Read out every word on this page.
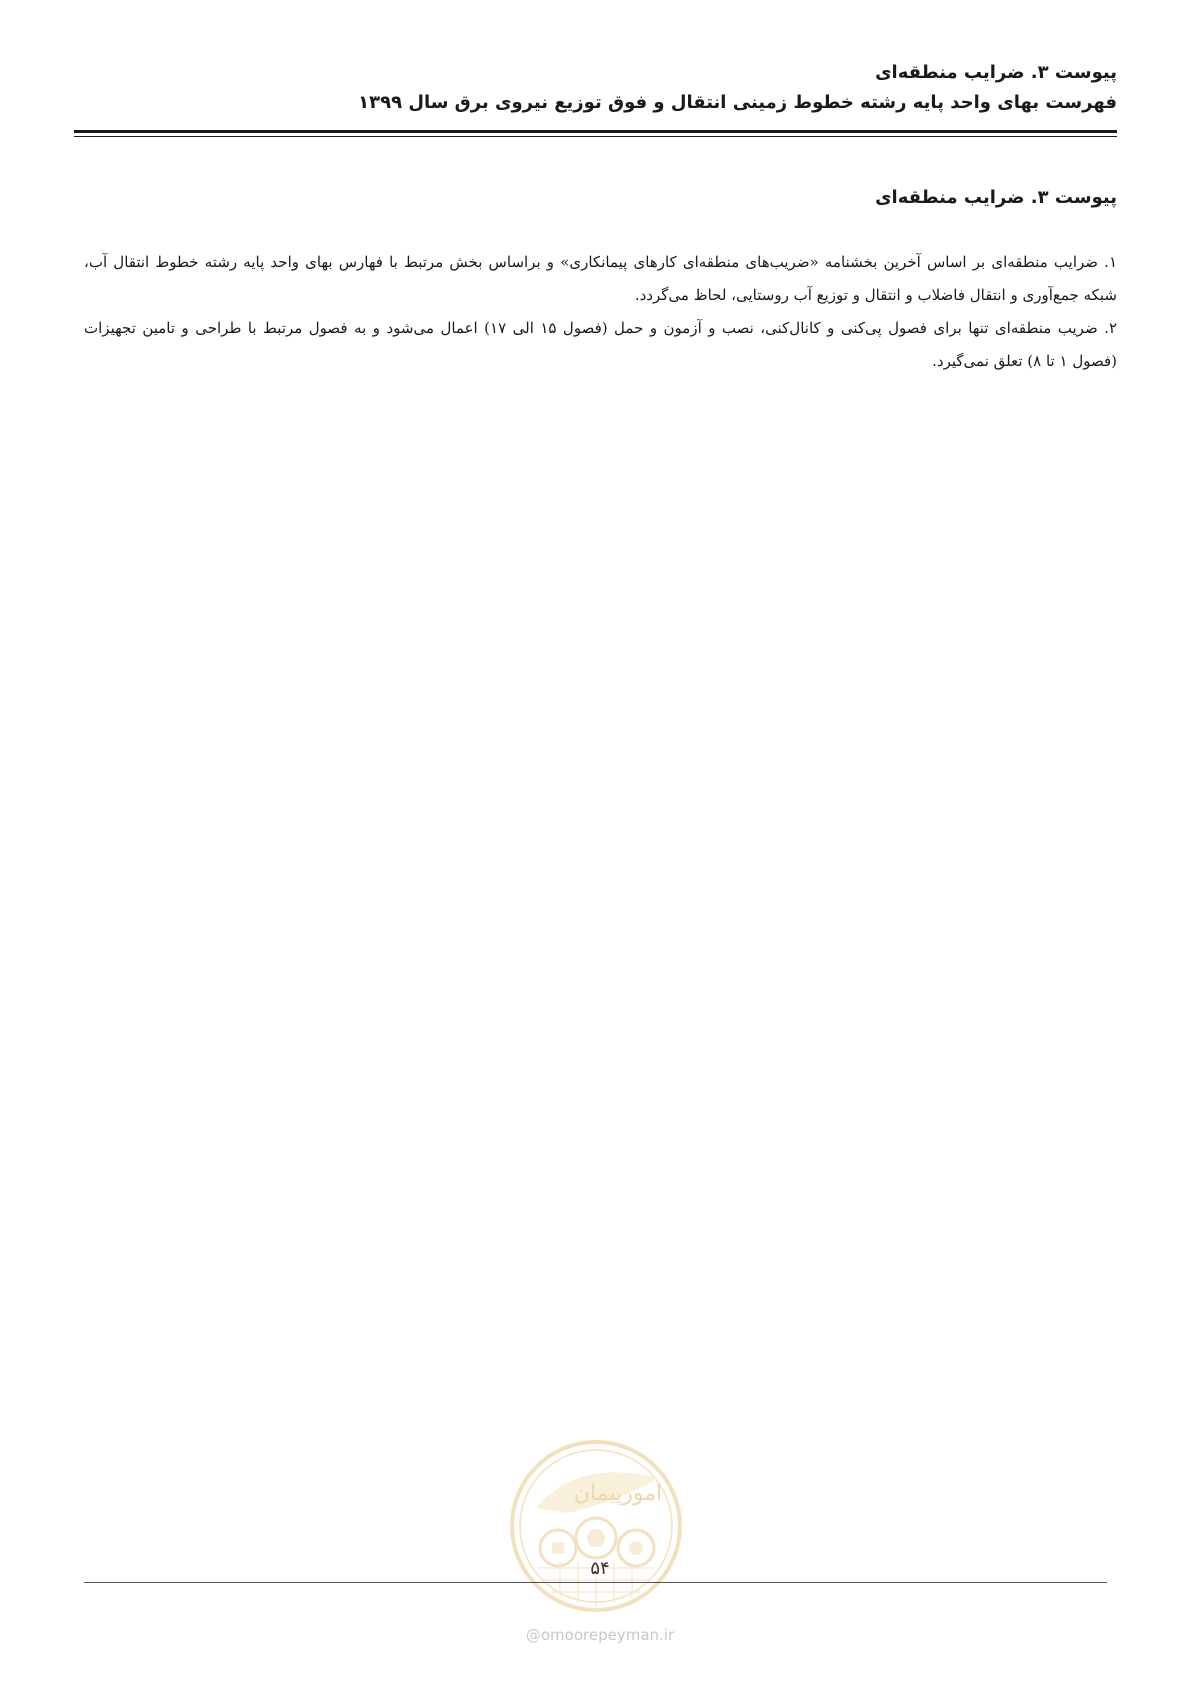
پیوست ۳. ضرایب منطقه‌ای
فهرست بهای واحد پایه رشته خطوط زمینی انتقال و فوق توزیع نیروی برق سال ۱۳۹۹
پیوست ۳. ضرایب منطقه‌ای

۱. ضرایب منطقه‌ای بر اساس آخرین بخشنامه «ضریب‌های منطقه‌ای کارهای پیمانکاری» و براساس بخش مرتبط با فهارس بهای واحد پایه رشته خطوط انتقال آب، شبکه جمع‌آوری و انتقال فاضلاب و انتقال و توزیع آب روستایی، لحاظ می‌گردد.

۲. ضریب منطقه‌ای تنها برای فصول پی‌کنی و کانال‌کنی، نصب و آزمون و حمل (فصول ۱۵ الی ۱۷) اعمال می‌شود و به فصول مرتبط با طراحی و تامین تجهیزات (فصول ۱ تا ۸) تعلق نمی‌گیرد.

امورپیمان
۵۴
@omoorepeyman.ir
